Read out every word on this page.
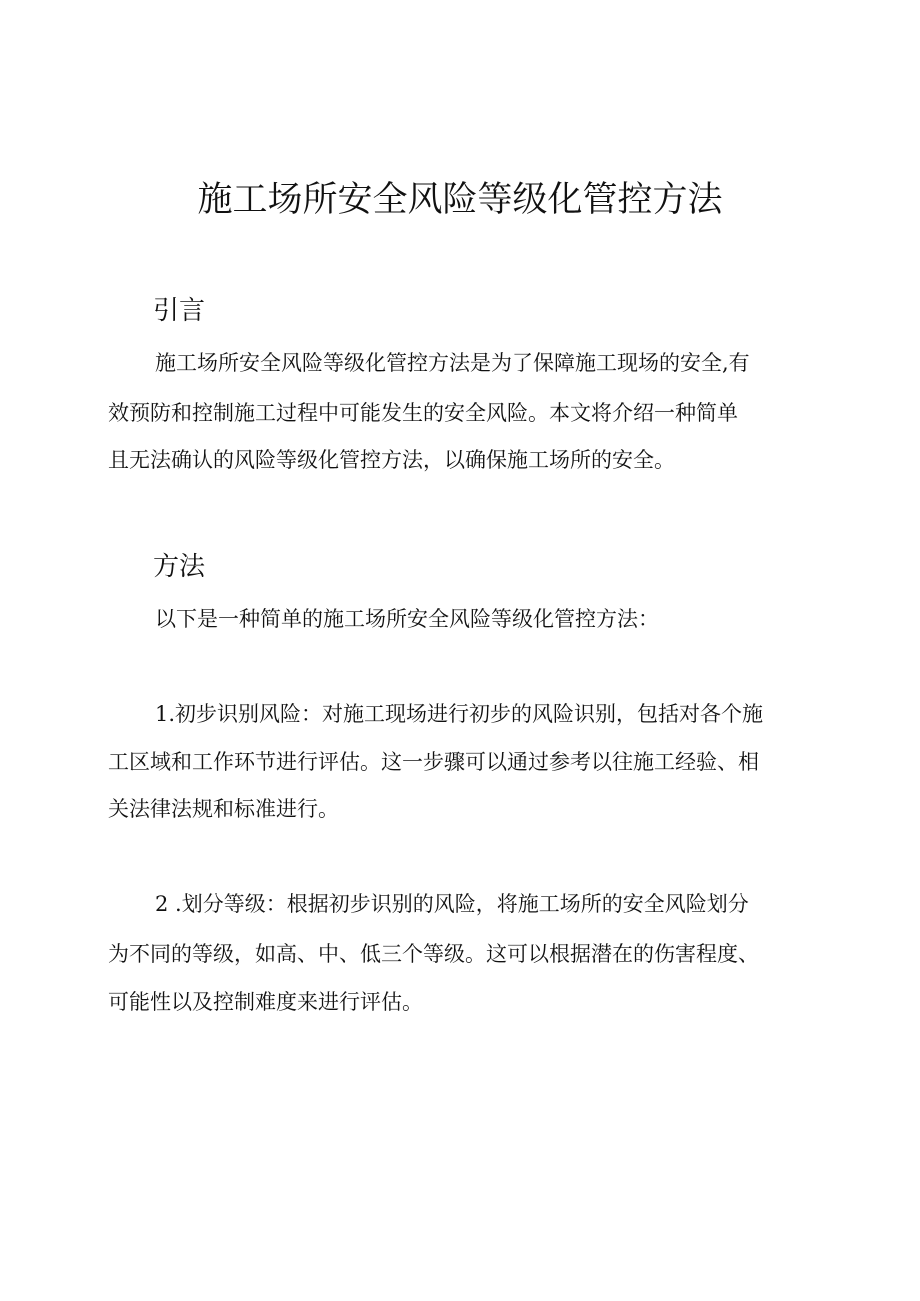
施工场所安全风险等级化管控方法
引言
施工场所安全风险等级化管控方法是为了保障施工现场的安全,有
效预防和控制施工过程中可能发生的安全风险。本文将介绍一种简单
且无法确认的风险等级化管控方法，以确保施工场所的安全。
方法
以下是一种简单的施工场所安全风险等级化管控方法：
1.初步识别风险：对施工现场进行初步的风险识别，包括对各个施
工区域和工作环节进行评估。这一步骤可以通过参考以往施工经验、相
关法律法规和标准进行。
2 .划分等级：根据初步识别的风险，将施工场所的安全风险划分
为不同的等级，如高、中、低三个等级。这可以根据潜在的伤害程度、
可能性以及控制难度来进行评估。
